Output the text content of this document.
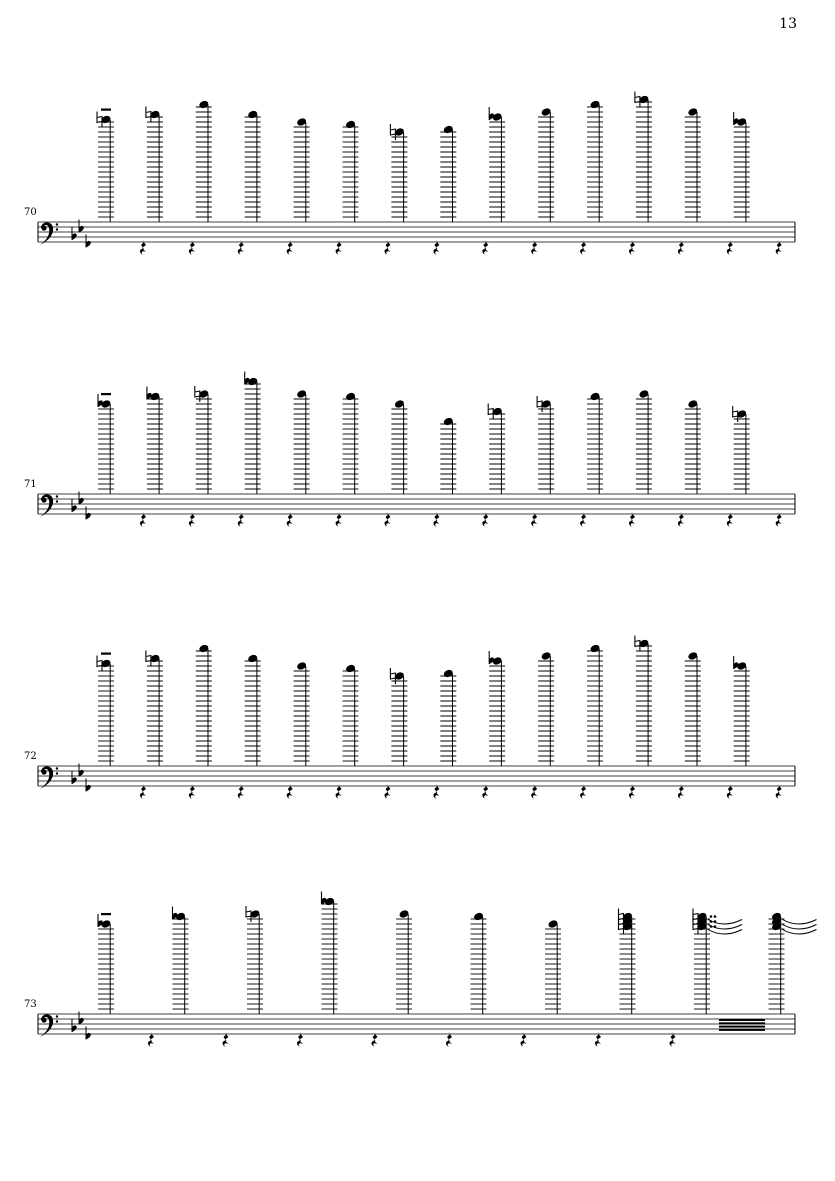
13
70
71
72
73
